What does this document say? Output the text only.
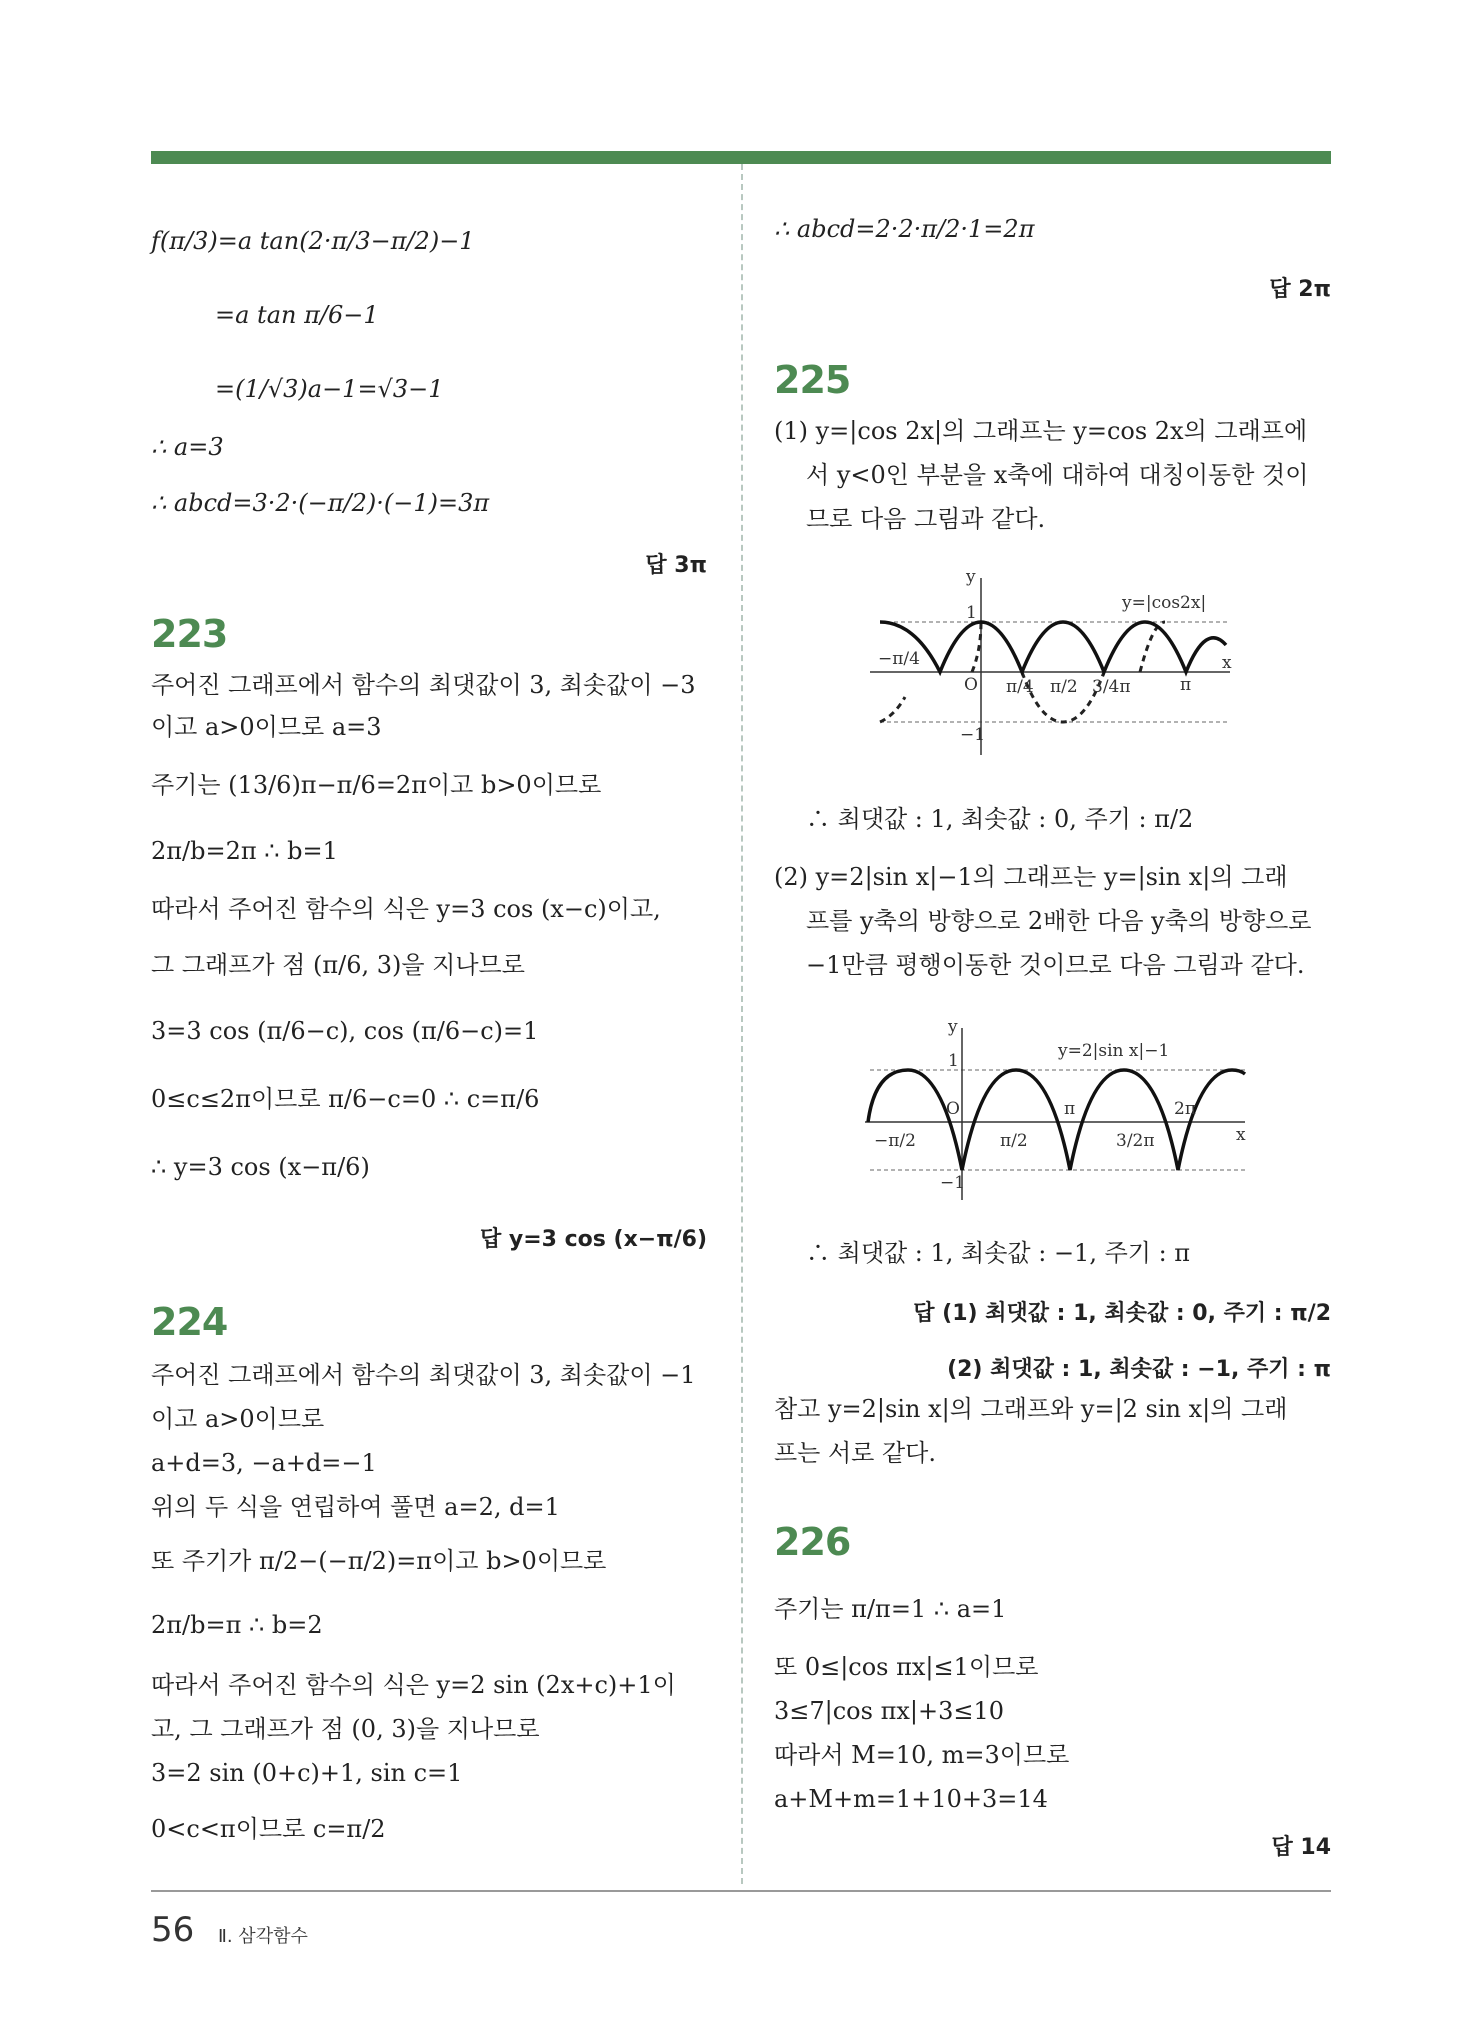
f(π/3)=a tan(2·π/3−π/2)−1
=a tan π/6−1
=(1/√3)a−1=√3−1
∴ a=3
∴ abcd=3·2·(−π/2)·(−1)=3π
답 3π
223
주어진 그래프에서 함수의 최댓값이 3, 최솟값이 −3
이고 a>0이므로 a=3
주기는 (13/6)π−π/6=2π이고 b>0이므로
2π/b=2π ∴ b=1
따라서 주어진 함수의 식은 y=3 cos (x−c)이고,
그 그래프가 점 (π/6, 3)을 지나므로
3=3 cos (π/6−c), cos (π/6−c)=1
0≤c≤2π이므로 π/6−c=0 ∴ c=π/6
∴ y=3 cos (x−π/6)
답 y=3 cos (x−π/6)
224
주어진 그래프에서 함수의 최댓값이 3, 최솟값이 −1
이고 a>0이므로
a+d=3, −a+d=−1
위의 두 식을 연립하여 풀면 a=2, d=1
또 주기가 π/2−(−π/2)=π이고 b>0이므로
2π/b=π ∴ b=2
따라서 주어진 함수의 식은 y=2 sin (2x+c)+1이
고, 그 그래프가 점 (0, 3)을 지나므로
3=2 sin (0+c)+1, sin c=1
0<c<π이므로 c=π/2
∴ abcd=2·2·π/2·1=2π
답 2π
225
(1) y=|cos 2x|의 그래프는 y=cos 2x의 그래프에
서 y<0인 부분을 x축에 대하여 대칭이동한 것이
므로 다음 그림과 같다.
y
x
1
−1
O
y=|cos2x|
−π/4
π/4 π/2 3/4π	π
∴ 최댓값 : 1, 최솟값 : 0, 주기 : π/2
(2) y=2|sin x|−1의 그래프는 y=|sin x|의 그래
프를 y축의 방향으로 2배한 다음 y축의 방향으로
−1만큼 평행이동한 것이므로 다음 그림과 같다.
y
x
1
−1
O
y=2|sin x|−1
−π/2	π/2
π
3/2π
2π
∴ 최댓값 : 1, 최솟값 : −1, 주기 : π
답 (1) 최댓값 : 1, 최솟값 : 0, 주기 : π/2
(2) 최댓값 : 1, 최솟값 : −1, 주기 : π
참고 y=2|sin x|의 그래프와 y=|2 sin x|의 그래
프는 서로 같다.
226
주기는 π/π=1 ∴ a=1
또 0≤|cos πx|≤1이므로
3≤7|cos πx|+3≤10
따라서 M=10, m=3이므로
a+M+m=1+10+3=14
답 14
56 Ⅱ. 삼각함수
